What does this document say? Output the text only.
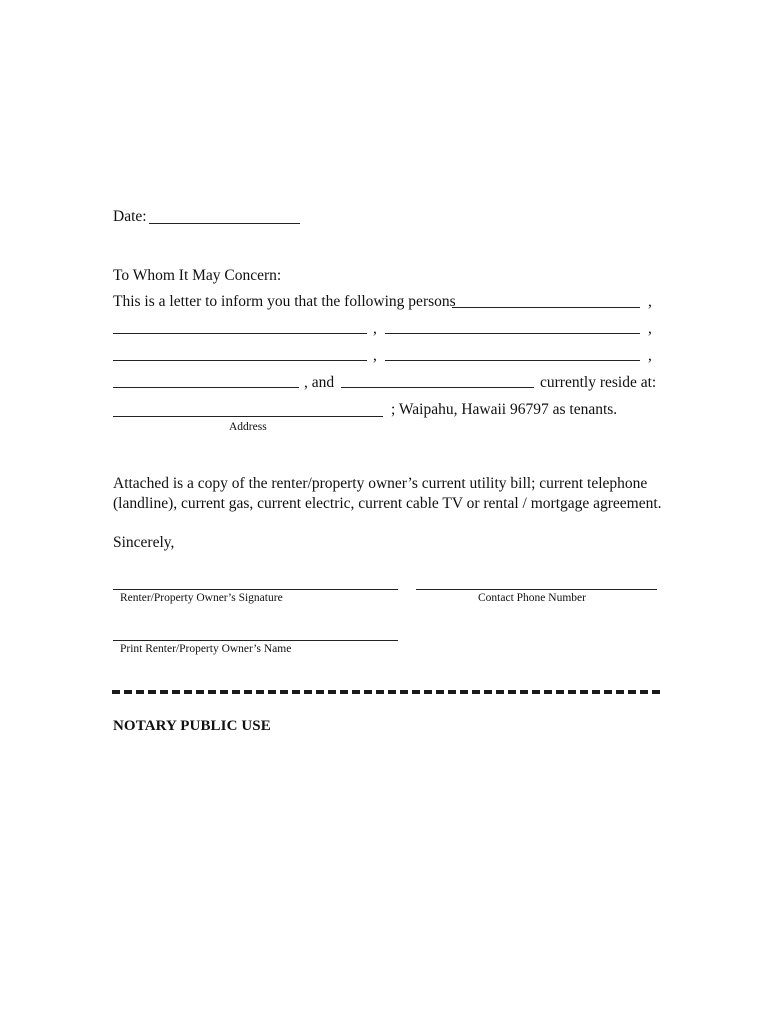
Date:
To Whom It May Concern:
This is a letter to inform you that the following persons	,
,	,
,	,
, and	currently reside at:
; Waipahu, Hawaii 96797 as tenants.
Address
Attached is a copy of the renter/property owner’s current utility bill; current telephone
(landline), current gas, current electric, current cable TV or rental / mortgage agreement.
Sincerely,
Renter/Property Owner’s Signature	Contact Phone Number
Print Renter/Property Owner’s Name
NOTARY PUBLIC USE
